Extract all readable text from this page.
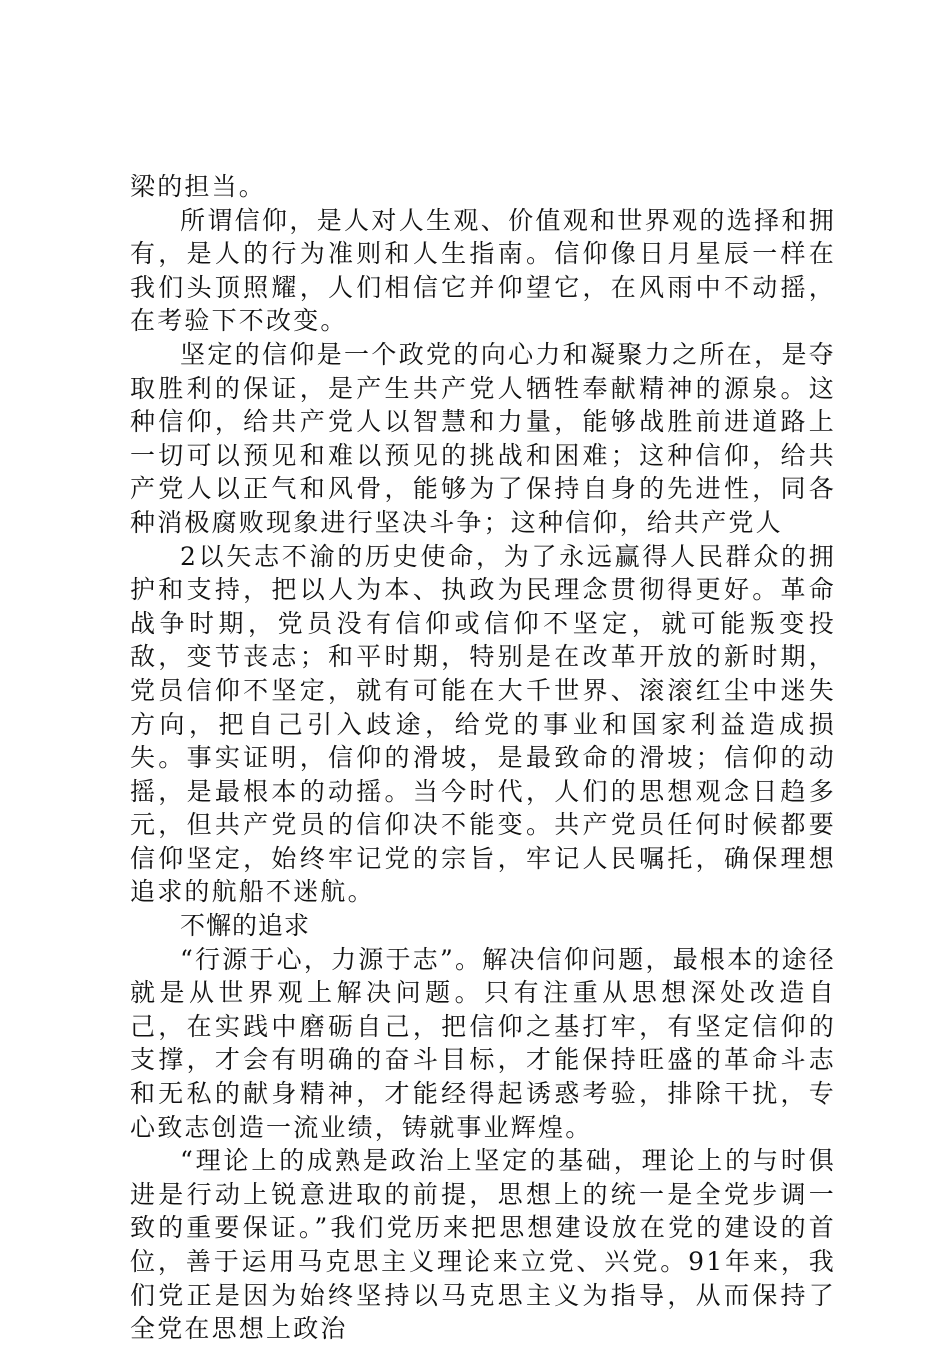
梁的担当。

所谓信仰，是人对人生观、价值观和世界观的选择和拥有，是人的行为准则和人生指南。信仰像日月星辰一样在我们头顶照耀，人们相信它并仰望它，在风雨中不动摇，在考验下不改变。

坚定的信仰是一个政党的向心力和凝聚力之所在，是夺取胜利的保证，是产生共产党人牺牲奉献精神的源泉。这种信仰，给共产党人以智慧和力量，能够战胜前进道路上一切可以预见和难以预见的挑战和困难；这种信仰，给共产党人以正气和风骨，能够为了保持自身的先进性，同各种消极腐败现象进行坚决斗争；这种信仰，给共产党人

2以矢志不渝的历史使命，为了永远赢得人民群众的拥护和支持，把以人为本、执政为民理念贯彻得更好。革命战争时期，党员没有信仰或信仰不坚定，就可能叛变投敌，变节丧志；和平时期，特别是在改革开放的新时期，党员信仰不坚定，就有可能在大千世界、滚滚红尘中迷失方向，把自己引入歧途，给党的事业和国家利益造成损失。事实证明，信仰的滑坡，是最致命的滑坡；信仰的动摇，是最根本的动摇。当今时代，人们的思想观念日趋多元，但共产党员的信仰决不能变。共产党员任何时候都要信仰坚定，始终牢记党的宗旨，牢记人民嘱托，确保理想追求的航船不迷航。

不懈的追求

“行源于心，力源于志”。解决信仰问题，最根本的途径就是从世界观上解决问题。只有注重从思想深处改造自己，在实践中磨砺自己，把信仰之基打牢，有坚定信仰的支撑，才会有明确的奋斗目标，才能保持旺盛的革命斗志和无私的献身精神，才能经得起诱惑考验，排除干扰，专心致志创造一流业绩，铸就事业辉煌。

“理论上的成熟是政治上坚定的基础，理论上的与时俱进是行动上锐意进取的前提，思想上的统一是全党步调一致的重要保证。”我们党历来把思想建设放在党的建设的首位，善于运用马克思主义理论来立党、兴党。91年来，我们党正是因为始终坚持以马克思主义为指导，从而保持了全党在思想上政治
